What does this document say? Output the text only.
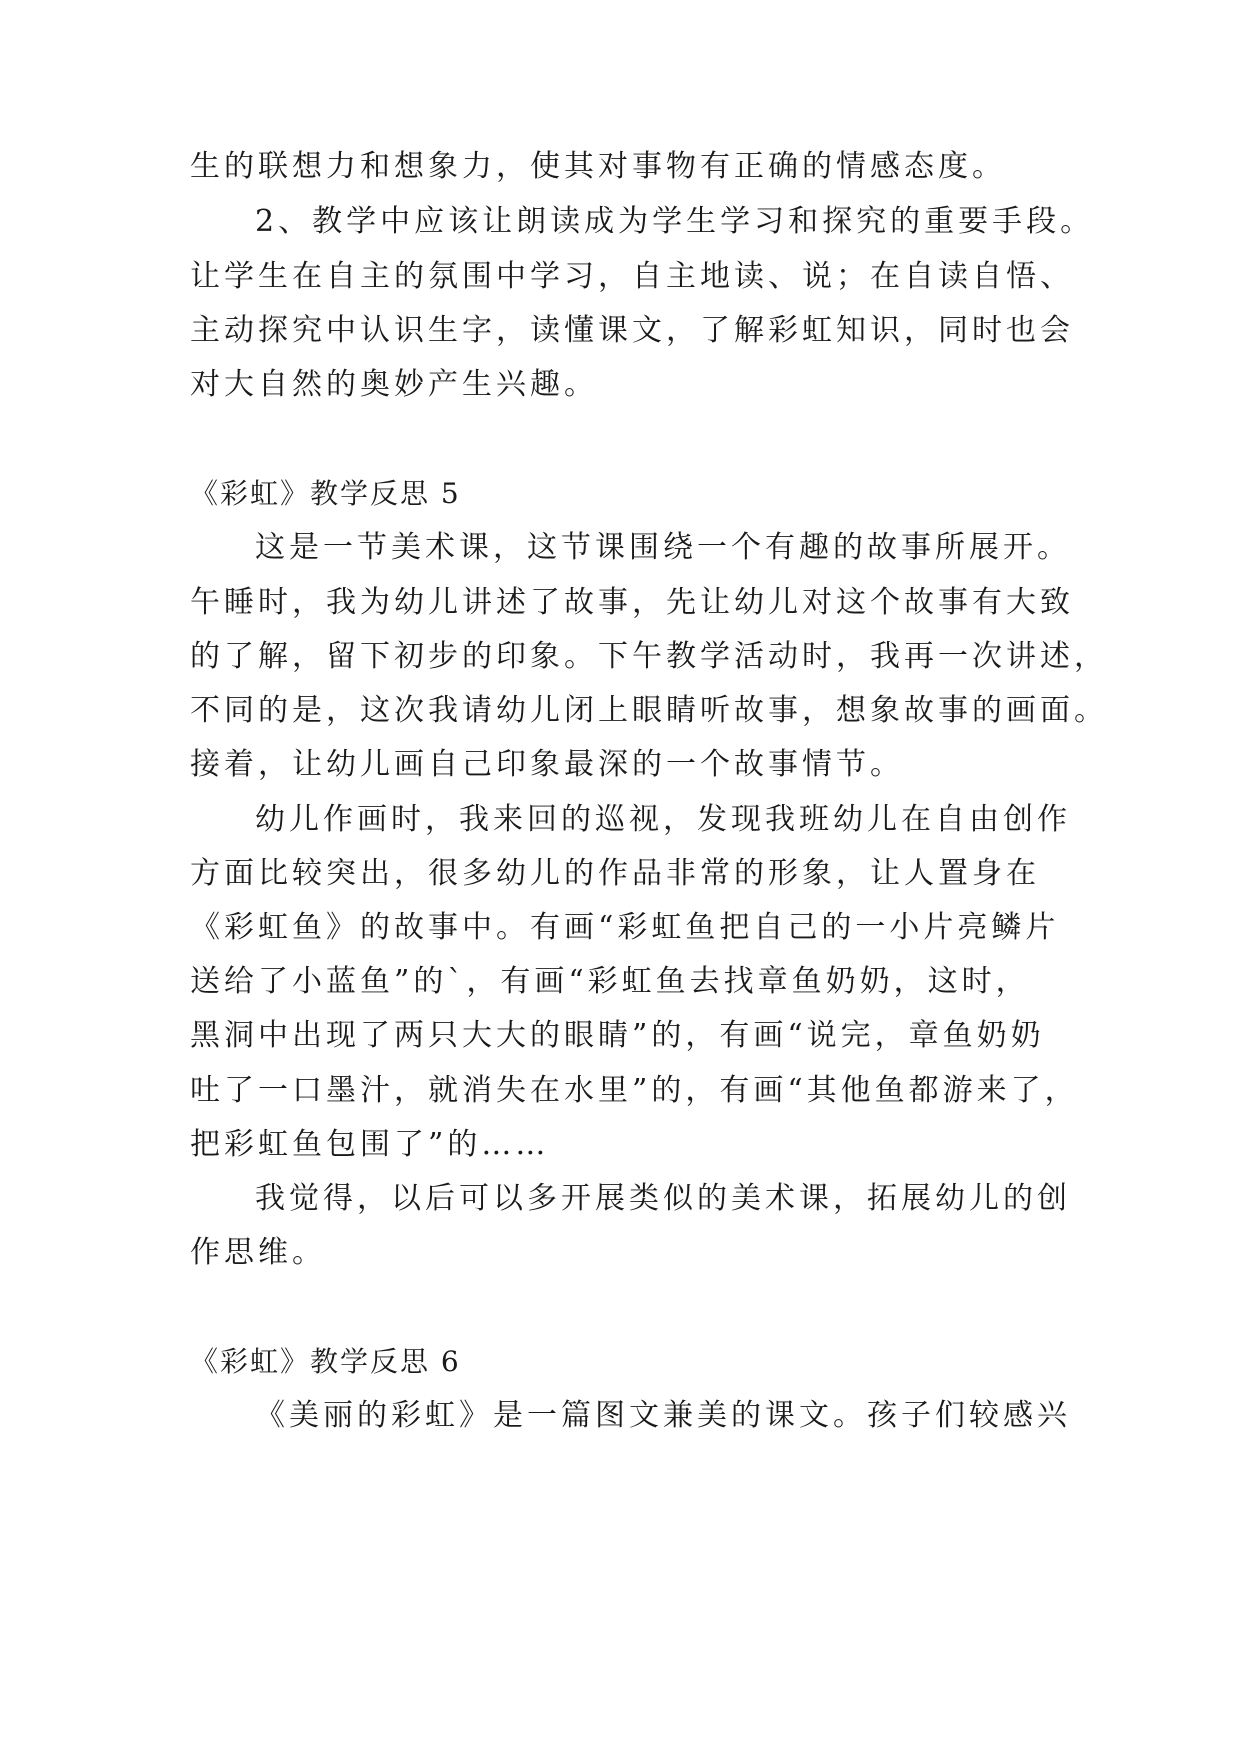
生的联想力和想象力，使其对事物有正确的情感态度。
2、教学中应该让朗读成为学生学习和探究的重要手段。
让学生在自主的氛围中学习，自主地读、说；在自读自悟、
主动探究中认识生字，读懂课文，了解彩虹知识，同时也会
对大自然的奥妙产生兴趣。
《彩虹》教学反思 5
这是一节美术课，这节课围绕一个有趣的故事所展开。
午睡时，我为幼儿讲述了故事，先让幼儿对这个故事有大致
的了解，留下初步的印象。下午教学活动时，我再一次讲述，
不同的是，这次我请幼儿闭上眼睛听故事，想象故事的画面。
接着，让幼儿画自己印象最深的一个故事情节。
幼儿作画时，我来回的巡视，发现我班幼儿在自由创作
方面比较突出，很多幼儿的作品非常的形象，让人置身在
《彩虹鱼》的故事中。有画“彩虹鱼把自己的一小片亮鳞片
送给了小蓝鱼”的`，有画“彩虹鱼去找章鱼奶奶，这时，
黑洞中出现了两只大大的眼睛”的，有画“说完，章鱼奶奶
吐了一口墨汁，就消失在水里”的，有画“其他鱼都游来了，
把彩虹鱼包围了”的……
我觉得，以后可以多开展类似的美术课，拓展幼儿的创
作思维。
《彩虹》教学反思 6
《美丽的彩虹》是一篇图文兼美的课文。孩子们较感兴
